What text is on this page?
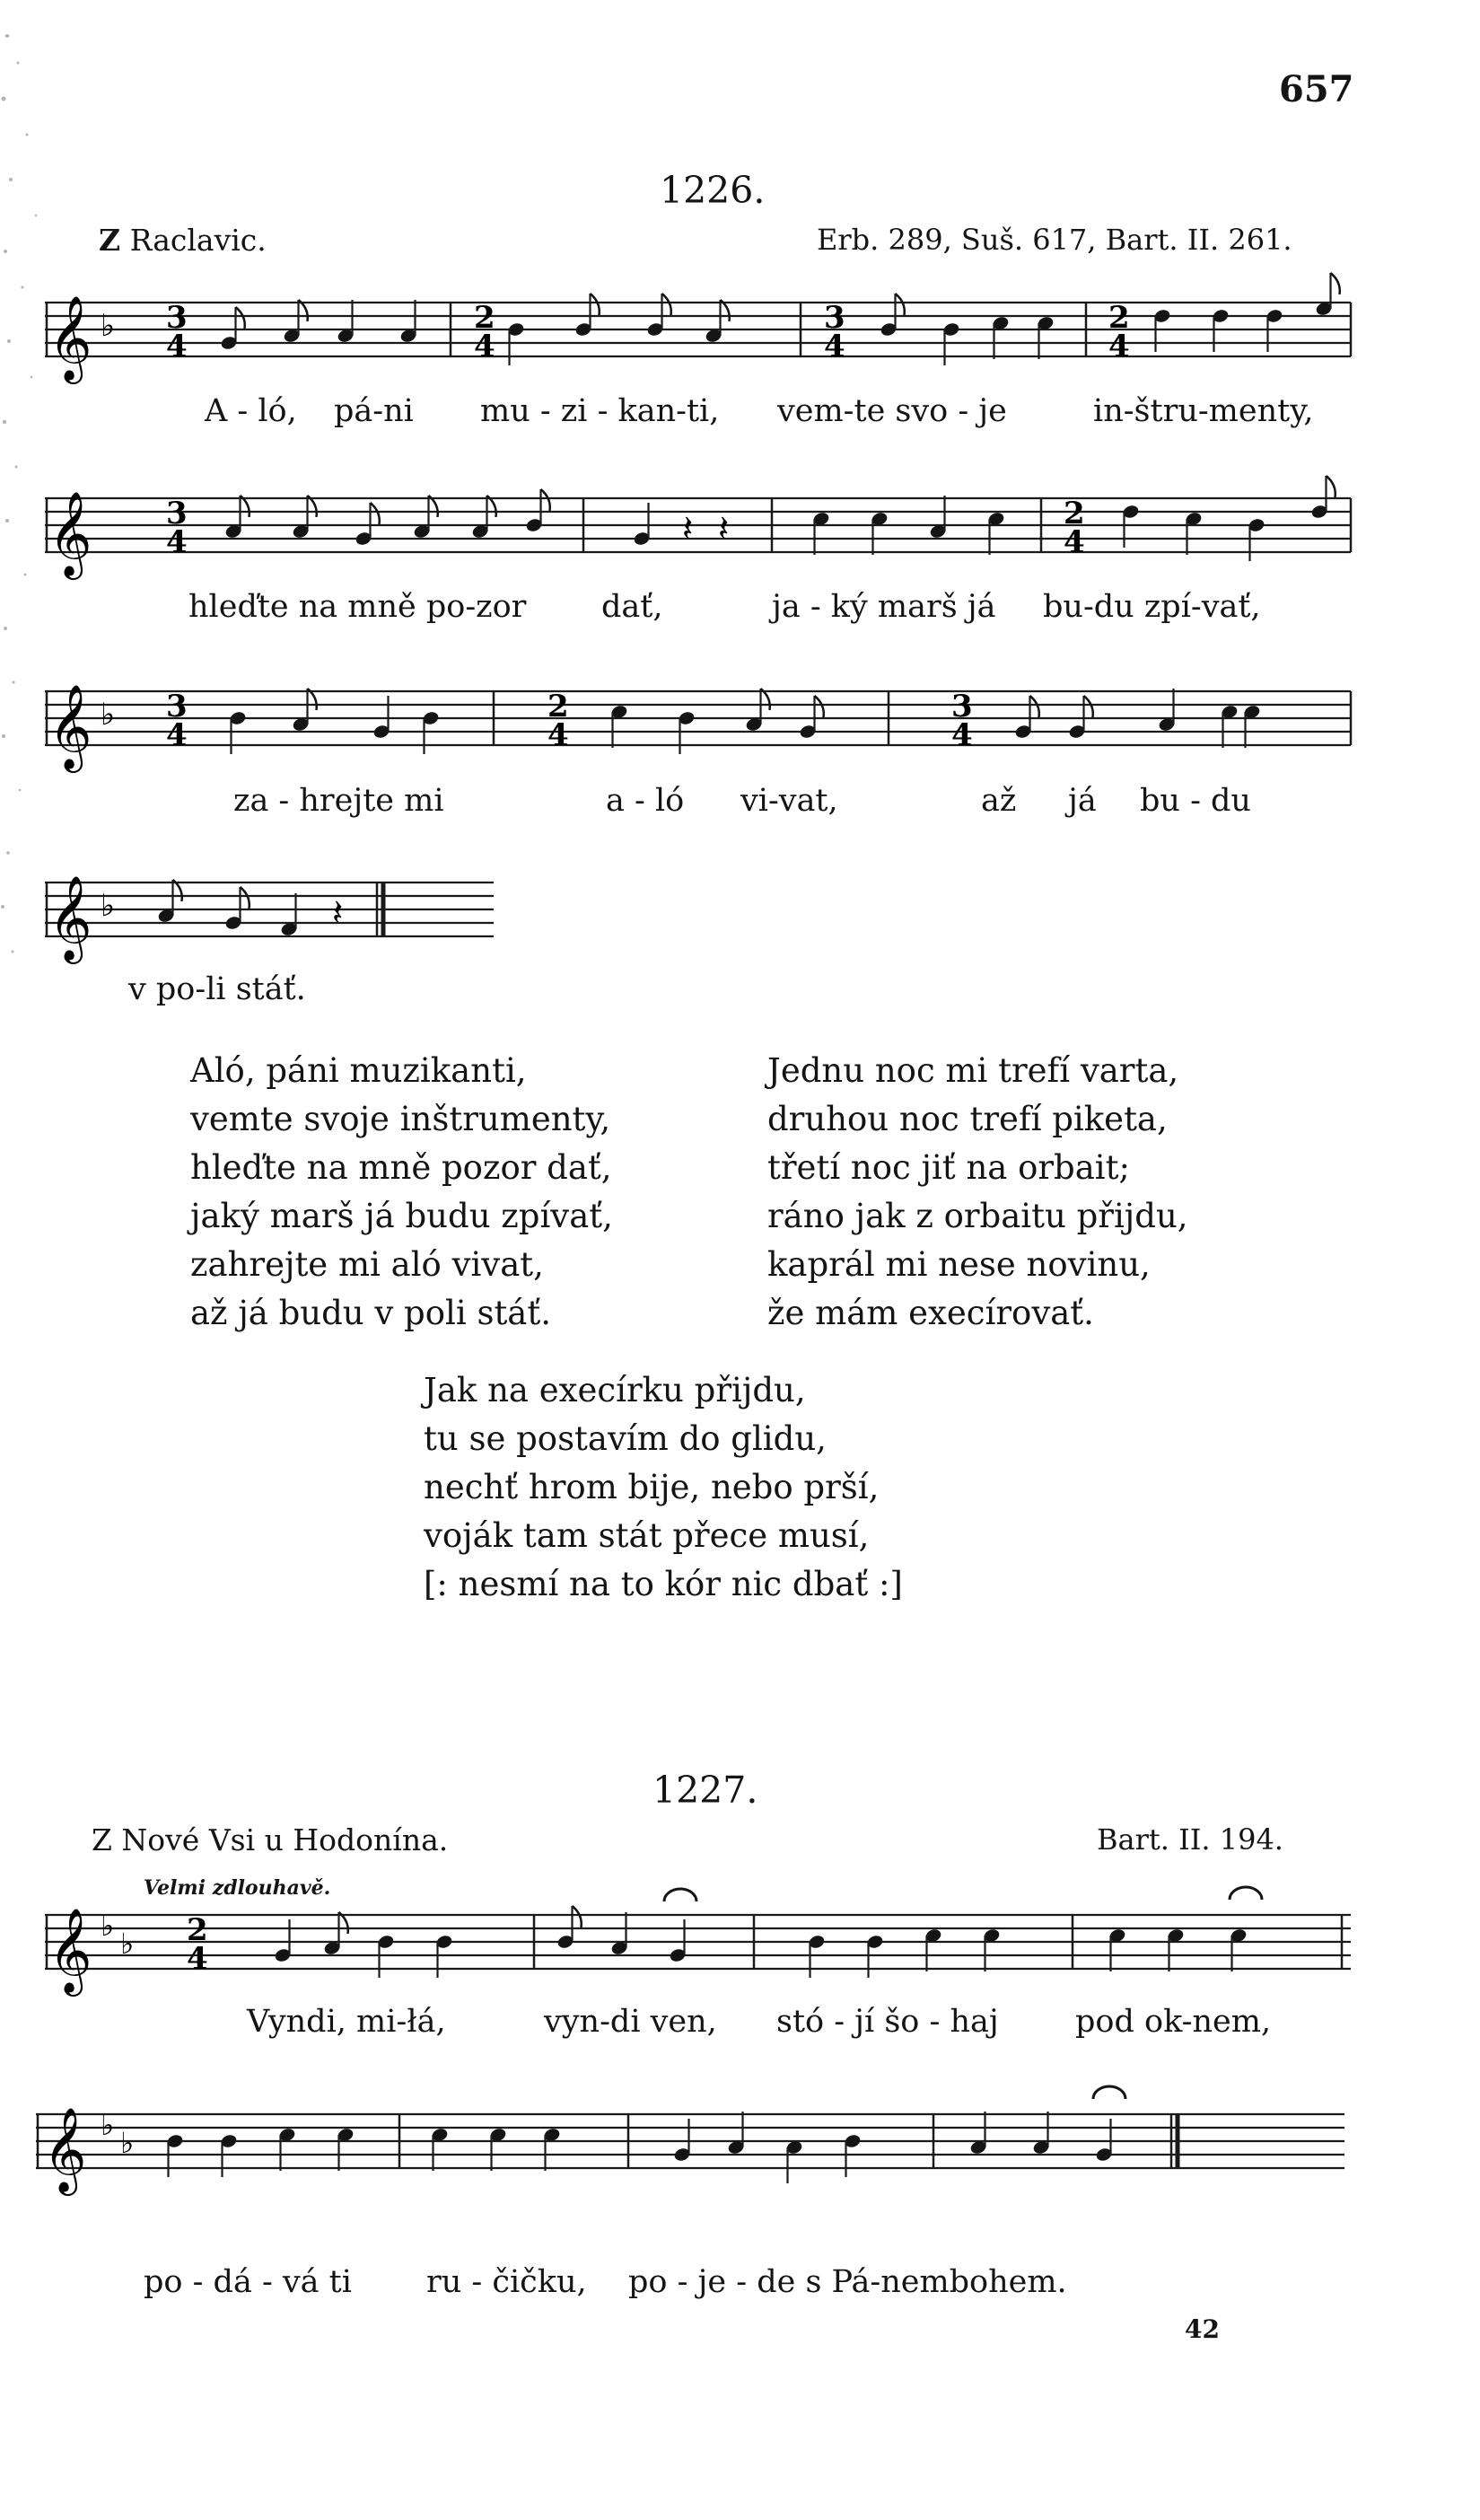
657
1226.
Z Raclavic.	Erb. 289, Suš. 617, Bart. II. 261.
𝄞 ♭ 3
4
2
4
3
4
2
4
A - ló, pá-ni mu - zi - kan-ti, vem-te svo - je	in-štru-menty,
𝄞 3
4
2
4
𝄽 𝄽
hleďte na mně po-zor dať,	ja - ký marš já bu-du zpí-vať,
𝄞 ♭ 3
4
2
4
3
4
za - hrejte mi	a - ló vi-vat,	až já bu - du
𝄞 ♭	𝄽
v po-li stáť.
Aló, páni muzikanti,
vemte svoje inštrumenty,
hleďte na mně pozor dať,
jaký marš já budu zpívať,
zahrejte mi aló vivat,
až já budu v poli stáť.
Jednu noc mi trefí varta,
druhou noc trefí piketa,
třetí noc jiť na orbait;
ráno jak z orbaitu přijdu,
kaprál mi nese novinu,
že mám execírovať.
Jak na execírku přijdu,
tu se postavím do glidu,
nechť hrom bije, nebo prší,
voják tam stát přece musí,
[: nesmí na to kór nic dbať :]
1227.
Z Nové Vsi u Hodonína.	Bart. II. 194.
Velmi zdlouhavě.
𝄞 ♭
♭ 2
4
Vyndi, mi-łá,	vyn-di ven, stó - jí šo - haj pod ok-nem,
𝄞 ♭
♭
po - dá - vá ti ru - čičku, po - je - de s Pá-nembohem.
42
